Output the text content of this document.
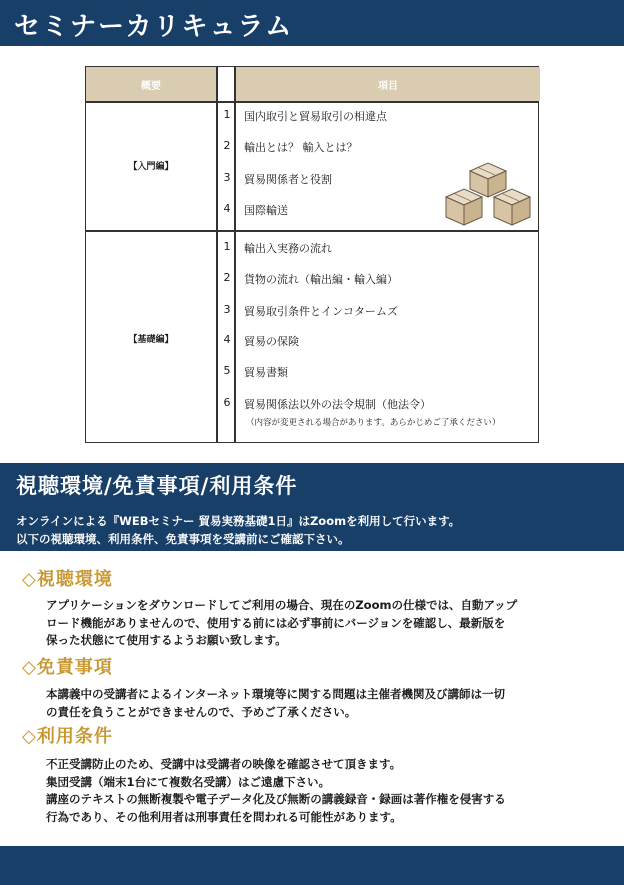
セミナーカリキュラム
概要	項目
【入門編】
1	国内取引と貿易取引の相違点
2	輸出とは？ 輸入とは？
3	貿易関係者と役割
4	国際輸送
【基礎編】
1	輸出入実務の流れ
2	貨物の流れ（輸出編・輸入編）
3	貿易取引条件とインコタームズ
4	貿易の保険
5	貿易書類
6	貿易関係法以外の法令規制（他法令）
（内容が変更される場合があります。あらかじめご了承ください）
視聴環境/免責事項/利用条件
オンラインによる『WEBセミナー 貿易実務基礎1日』はZoomを利用して行います。
以下の視聴環境、利用条件、免責事項を受講前にご確認下さい。
◇視聴環境
アプリケーションをダウンロードしてご利用の場合、現在のZoomの仕様では、自動アップ
ロード機能がありませんので、使用する前には必ず事前にバージョンを確認し、最新版を
保った状態にて使用するようお願い致します。
◇免責事項
本講義中の受講者によるインターネット環境等に関する問題は主催者機関及び講師は一切
の責任を負うことができませんので、予めご了承ください。
◇利用条件
不正受講防止のため、受講中は受講者の映像を確認させて頂きます。
集団受講（端末1台にて複数名受講）はご遠慮下さい。
講座のテキストの無断複製や電子データ化及び無断の講義録音・録画は著作権を侵害する
行為であり、その他利用者は刑事責任を問われる可能性があります。
